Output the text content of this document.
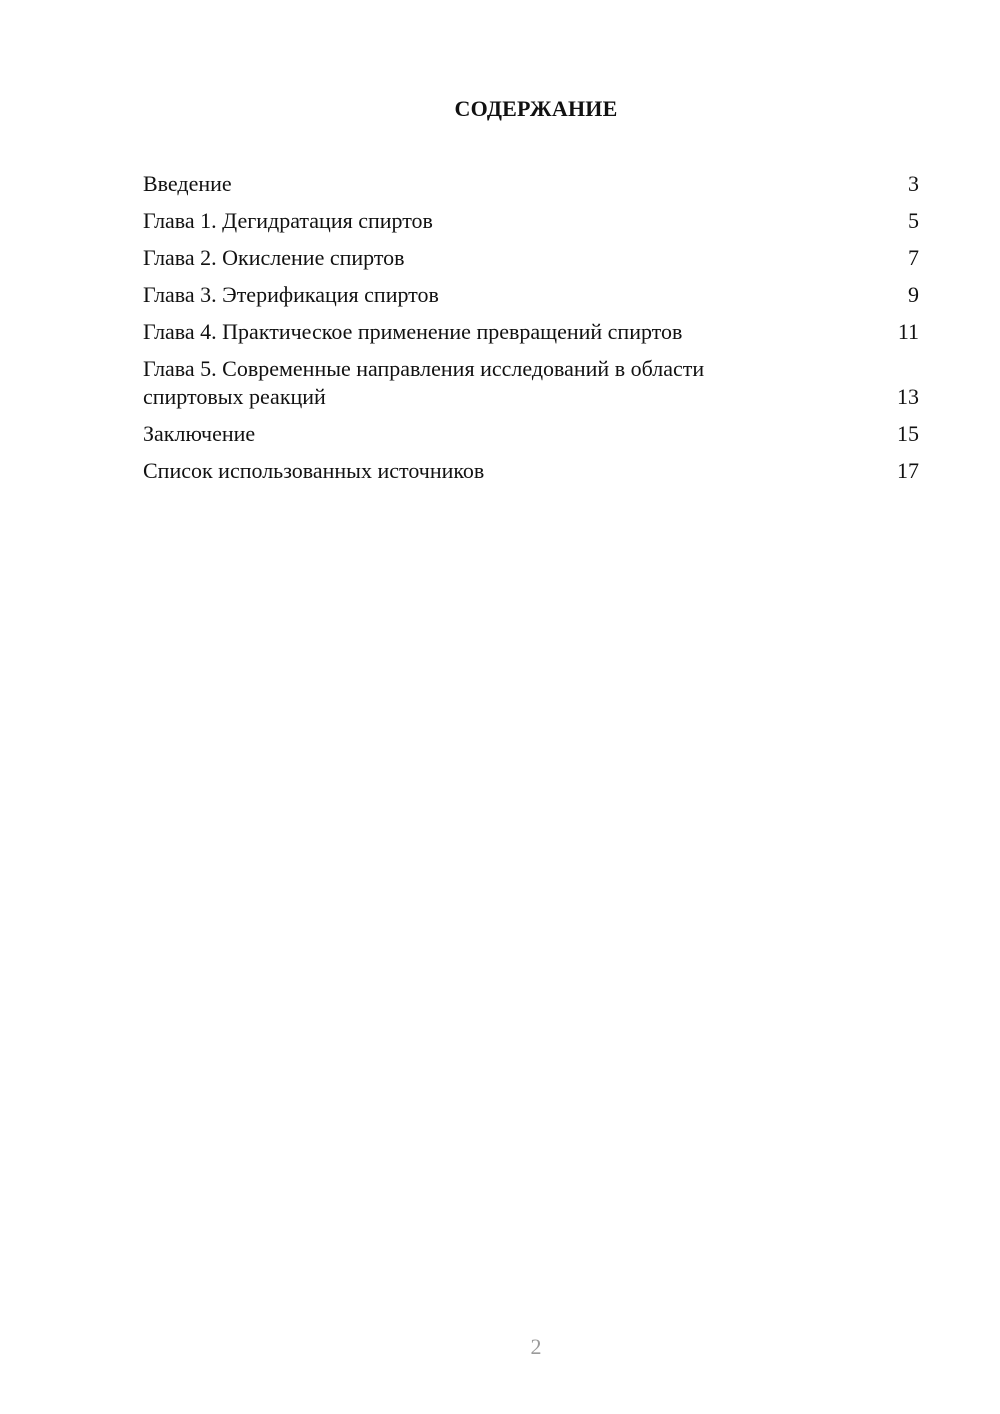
СОДЕРЖАНИЕ
Введение	3
Глава 1. Дегидратация спиртов	5
Глава 2. Окисление спиртов	7
Глава 3. Этерификация спиртов	9
Глава 4. Практическое применение превращений спиртов	11
Глава 5. Современные направления исследований в области спиртовых реакций	13
Заключение	15
Список использованных источников	17
2
